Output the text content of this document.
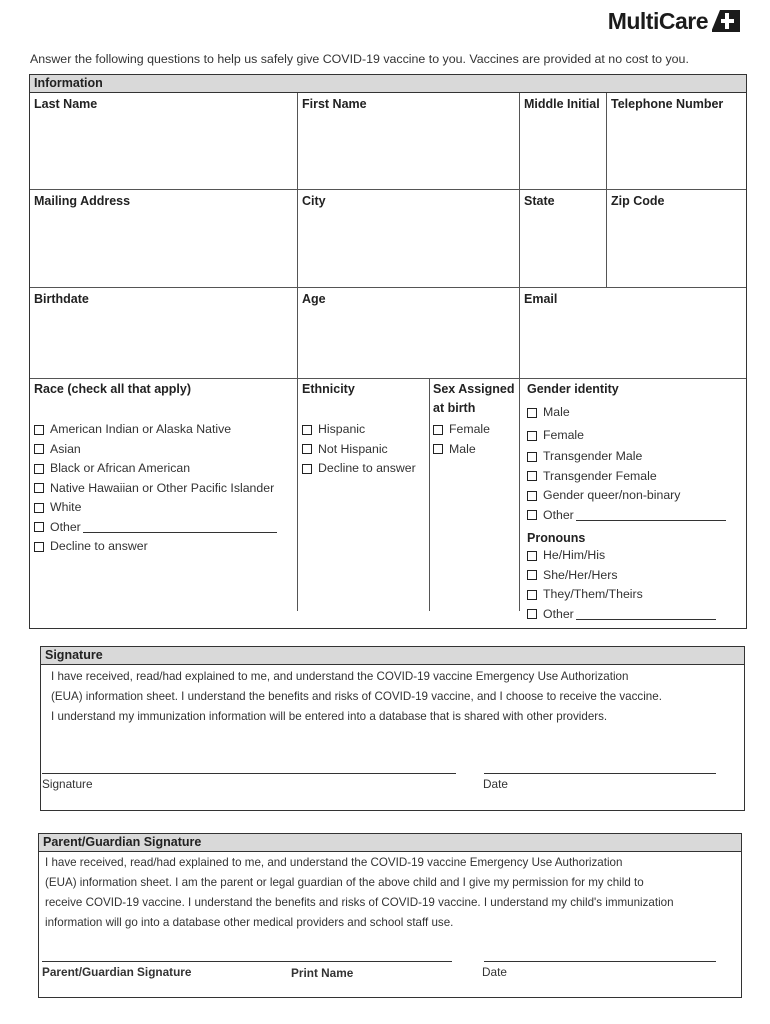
MultiCare
Answer the following questions to help us safely give COVID-19 vaccine to you. Vaccines are provided at no cost to you.
Information
Last Name	First Name	Middle Initial Telephone Number
Mailing Address	City	State	Zip Code
Birthdate	Age	Email
Race (check all that apply)
American Indian or Alaska Native
Asian
Black or African American
Native Hawaiian or Other Pacific Islander
White
Other
Decline to answer
Ethnicity
Hispanic
Not Hispanic
Decline to answer
Sex Assigned
at birth
Female
Male
Gender identity
Male
Female
Transgender Male
Transgender Female
Gender queer/non-binary
Other
Pronouns
He/Him/His
She/Her/Hers
They/Them/Theirs
Other
Signature

I have received, read/had explained to me, and understand the COVID-19 vaccine Emergency Use Authorization

(EUA) information sheet. I understand the benefits and risks of COVID-19 vaccine, and I choose to receive the vaccine.

I understand my immunization information will be entered into a database that is shared with other providers.

Signature	Date
Parent/Guardian Signature

I have received, read/had explained to me, and understand the COVID-19 vaccine Emergency Use Authorization

(EUA) information sheet. I am the parent or legal guardian of the above child and I give my permission for my child to

receive COVID-19 vaccine. I understand the benefits and risks of COVID-19 vaccine. I understand my child's immunization

information will go into a database other medical providers and school staff use.

Parent/Guardian Signature	Print Name	Date
